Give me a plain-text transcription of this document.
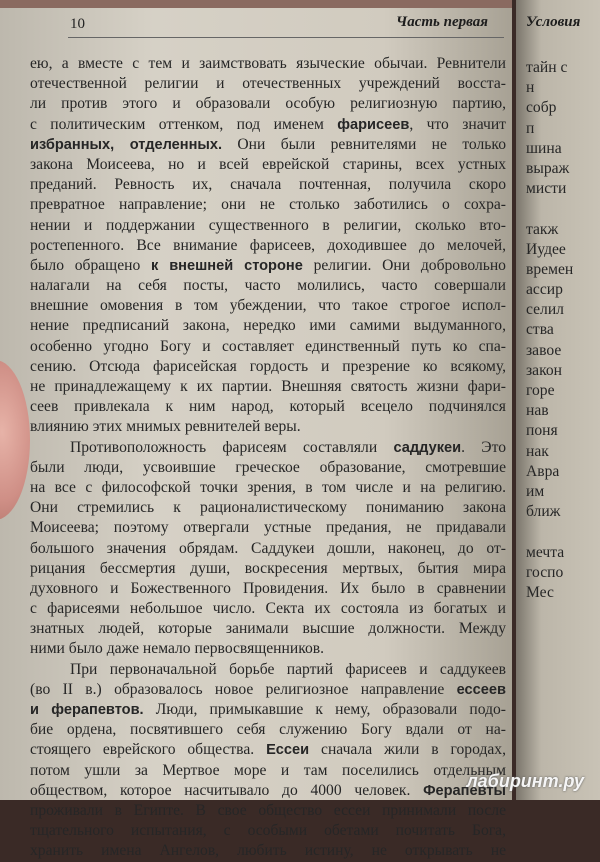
10	Часть первая
ею, а вместе с тем и заимствовать языческие обычаи. Ревнители
отечественной религии и отечественных учреждений восста-
ли против этого и образовали особую религиозную партию,
с политическим оттенком, под именем фарисеев, что значит
избранных, отделенных. Они были ревнителями не только
закона Моисеева, но и всей еврейской старины, всех устных
преданий. Ревность их, сначала почтенная, получила скоро
превратное направление; они не столько заботились о сохра-
нении и поддержании существенного в религии, сколько вто-
ростепенного. Все внимание фарисеев, доходившее до мелочей,
было обращено к внешней стороне религии. Они добровольно
налагали на себя посты, часто молились, часто совершали
внешние омовения в том убеждении, что такое строгое испол-
нение предписаний закона, нередко ими самими выдуманного,
особенно угодно Богу и составляет единственный путь ко спа-
сению. Отсюда фарисейская гордость и презрение ко всякому,
не принадлежащему к их партии. Внешняя святость жизни фари-
сеев привлекала к ним народ, который всецело подчинялся
влиянию этих мнимых ревнителей веры.
Противоположность фарисеям составляли саддукеи. Это
были люди, усвоившие греческое образование, смотревшие
на все с философской точки зрения, в том числе и на религию.
Они стремились к рационалистическому пониманию закона
Моисеева; поэтому отвергали устные предания, не придавали
большого значения обрядам. Саддукеи дошли, наконец, до от-
рицания бессмертия души, воскресения мертвых, бытия мира
духовного и Божественного Провидения. Их было в сравнении
с фарисеями небольшое число. Секта их состояла из богатых и
знатных людей, которые занимали высшие должности. Между
ними было даже немало первосвященников.
При первоначальной борьбе партий фарисеев и саддукеев
(во II в.) образовалось новое религиозное направление ессеев
и ферапевтов. Люди, примыкавшие к нему, образовали подо-
бие ордена, посвятившего себя служению Богу вдали от на-
стоящего еврейского общества. Ессеи сначала жили в городах,
потом ушли за Мертвое море и там поселились отдельным
обществом, которое насчитывало до 4000 человек. Ферапевты
проживали в Египте. В свое общество ессеи принимали после
тщательного испытания, с особыми обетами почитать Бога,
хранить имена Ангелов, любить истину, не открывать не
Условия
тайн с
н
собр
п
шина
выраж
мисти
такж
Иудее
времен
ассир
селил
ства
завое
закон
горе
нав
поня
нак
Авра
им
ближ
мечта
госпо
Мес
лабиринт.ру
